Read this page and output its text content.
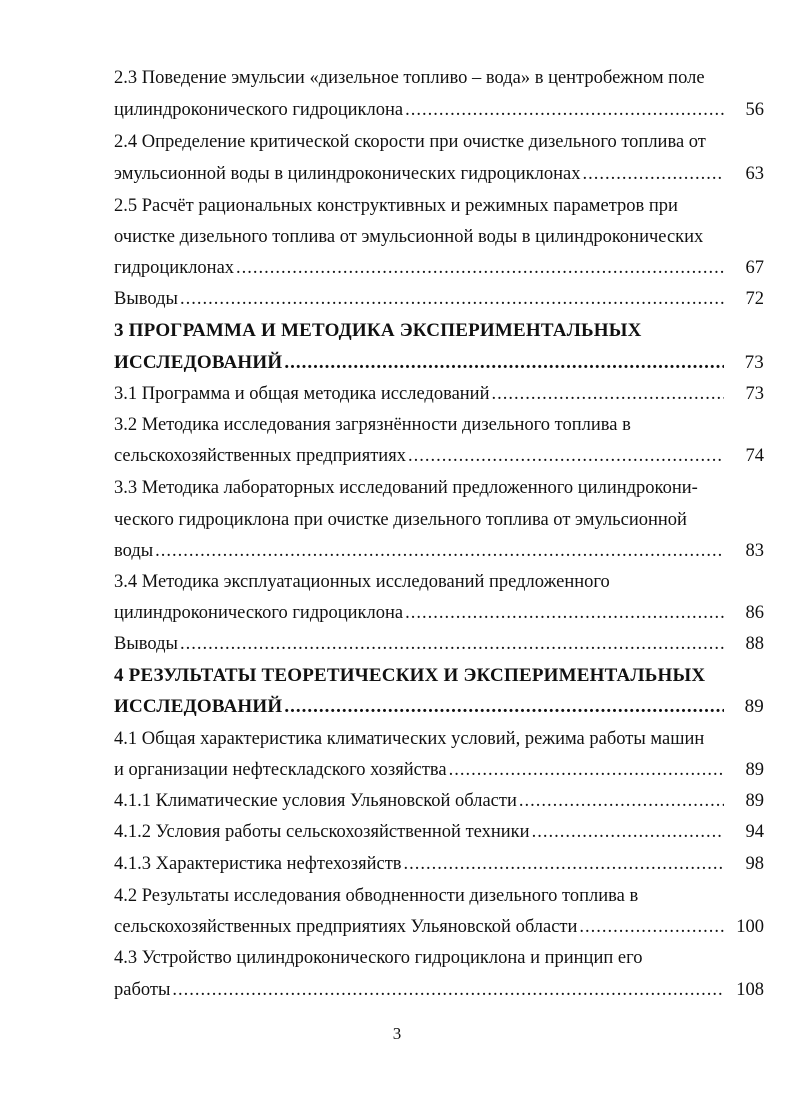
2.3 Поведение эмульсии «дизельное топливо – вода» в центробежном поле
цилиндроконического гидроциклона .....	56
2.4 Определение критической скорости при очистке дизельного топлива от
эмульсионной воды в цилиндроконических гидроциклонах .....	63
2.5 Расчёт рациональных конструктивных и режимных параметров при
очистке дизельного топлива от эмульсионной воды в цилиндроконических
гидроциклонах .....	67
Выводы .....	72
3 ПРОГРАММА И МЕТОДИКА ЭКСПЕРИМЕНТАЛЬНЫХ
ИССЛЕДОВАНИЙ .....	73
3.1 Программа и общая методика исследований .....	73
3.2 Методика исследования загрязнённости дизельного топлива в
сельскохозяйственных предприятиях .....	74
3.3 Методика лабораторных исследований предложенного цилиндрокони-
ческого гидроциклона при очистке дизельного топлива от эмульсионной
воды .....	83
3.4 Методика эксплуатационных исследований предложенного
цилиндроконического гидроциклона .....	86
Выводы .....	88
4 РЕЗУЛЬТАТЫ ТЕОРЕТИЧЕСКИХ И ЭКСПЕРИМЕНТАЛЬНЫХ
ИССЛЕДОВАНИЙ .....	89
4.1 Общая характеристика климатических условий, режима работы машин
и организации нефтескладского хозяйства .....	89
4.1.1 Климатические условия Ульяновской области .....	89
4.1.2 Условия работы сельскохозяйственной техники .....	94
4.1.3 Характеристика нефтехозяйств .....	98
4.2 Результаты исследования обводненности дизельного топлива в
сельскохозяйственных предприятиях Ульяновской области .....	100
4.3 Устройство цилиндроконического гидроциклона и принцип его
работы .....	108
3
